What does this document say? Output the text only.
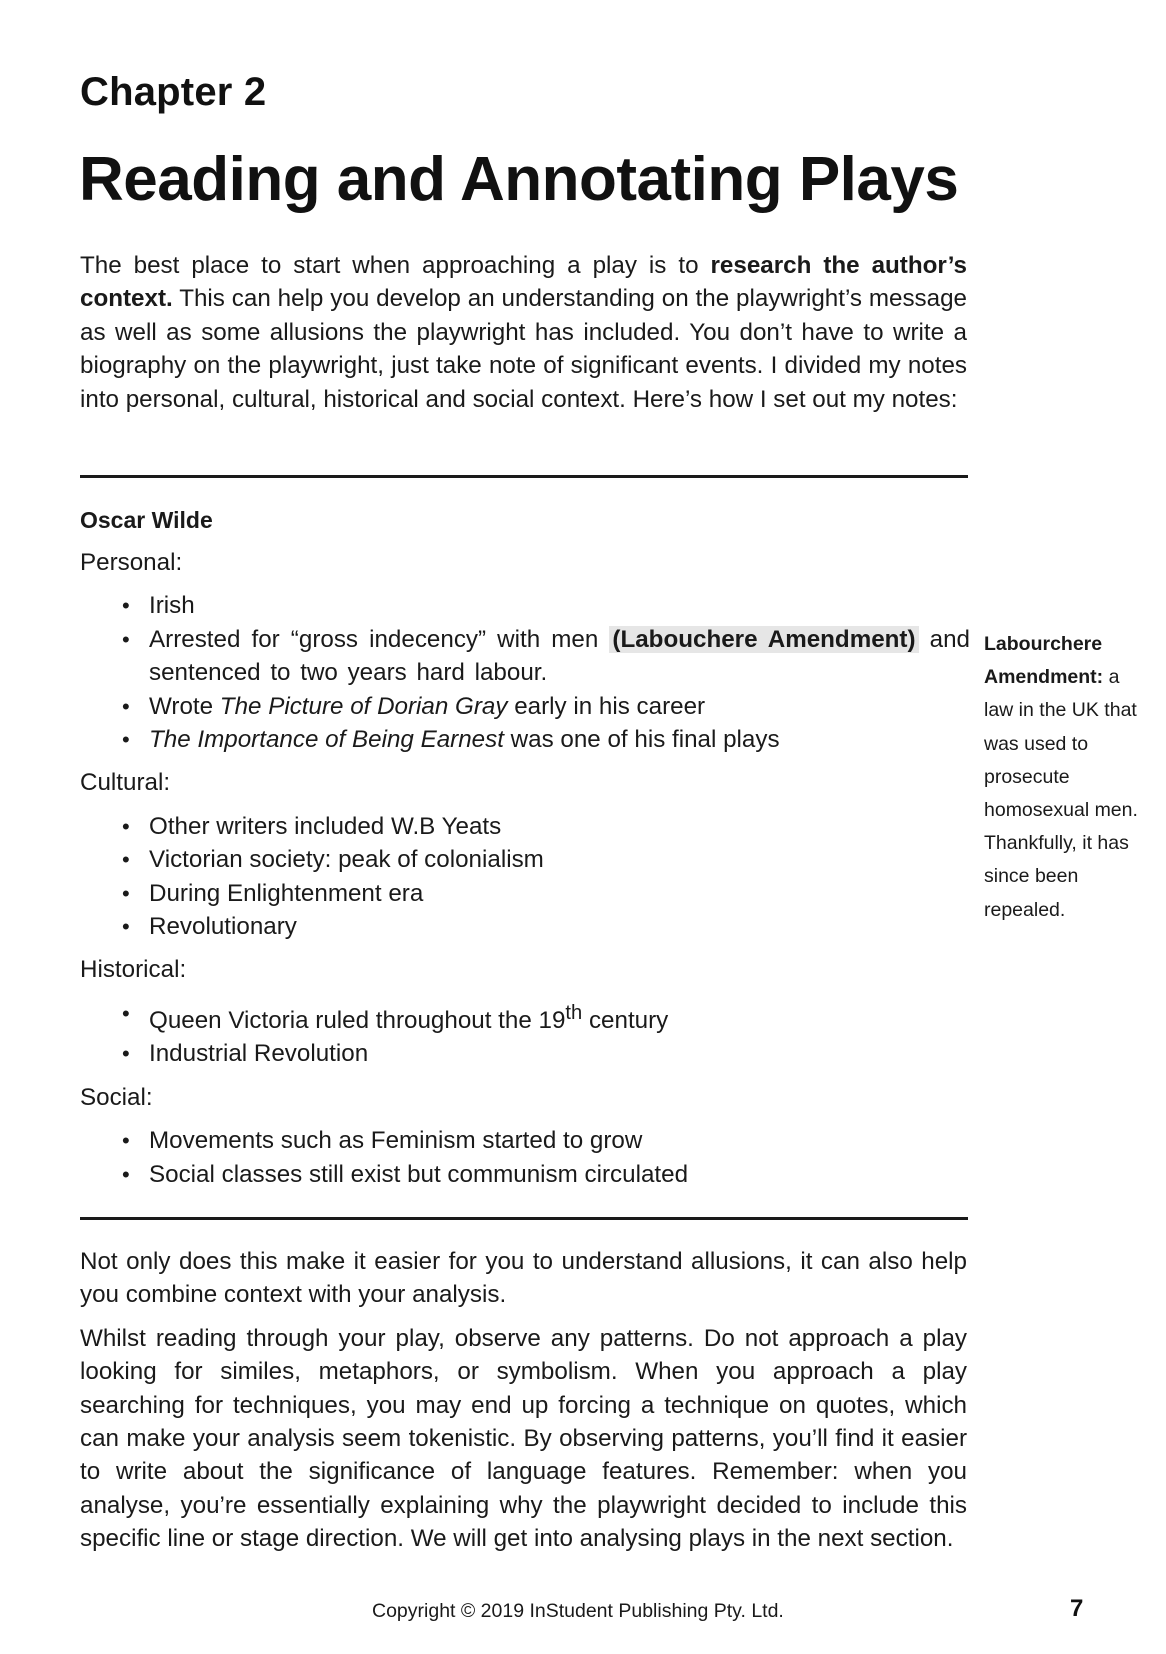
Chapter 2
Reading and Annotating Plays

The best place to start when approaching a play is to research the author’s context. This can help you develop an understanding on the playwright’s message as well as some allusions the playwright has included. You don’t have to write a biography on the playwright, just take note of significant events. I divided my notes into personal, cultural, historical and social context. Here’s how I set out my notes:

Oscar Wilde

Personal:

• Irish
• Arrested for “gross indecency” with men (Labouchere Amendment) and sentenced to two years hard labour.
• Wrote The Picture of Dorian Gray early in his career
• The Importance of Being Earnest was one of his final plays

Cultural:

• Other writers included W.B Yeats
• Victorian society: peak of colonialism
• During Enlightenment era
• Revolutionary

Historical:

• Queen Victoria ruled throughout the 19th century
• Industrial Revolution

Social:

• Movements such as Feminism started to grow
• Social classes still exist but communism circulated

Labourchere Amendment: a law in the UK that was used to prosecute homosexual men. Thankfully, it has since been repealed.

Not only does this make it easier for you to understand allusions, it can also help you combine context with your analysis.

Whilst reading through your play, observe any patterns. Do not approach a play looking for similes, metaphors, or symbolism. When you approach a play searching for techniques, you may end up forcing a technique on quotes, which can make your analysis seem tokenistic. By observing patterns, you’ll find it easier to write about the significance of language features. Remember: when you analyse, you’re essentially explaining why the playwright decided to include this specific line or stage direction. We will get into analysing plays in the next section.

Copyright © 2019 InStudent Publishing Pty. Ltd.	7
